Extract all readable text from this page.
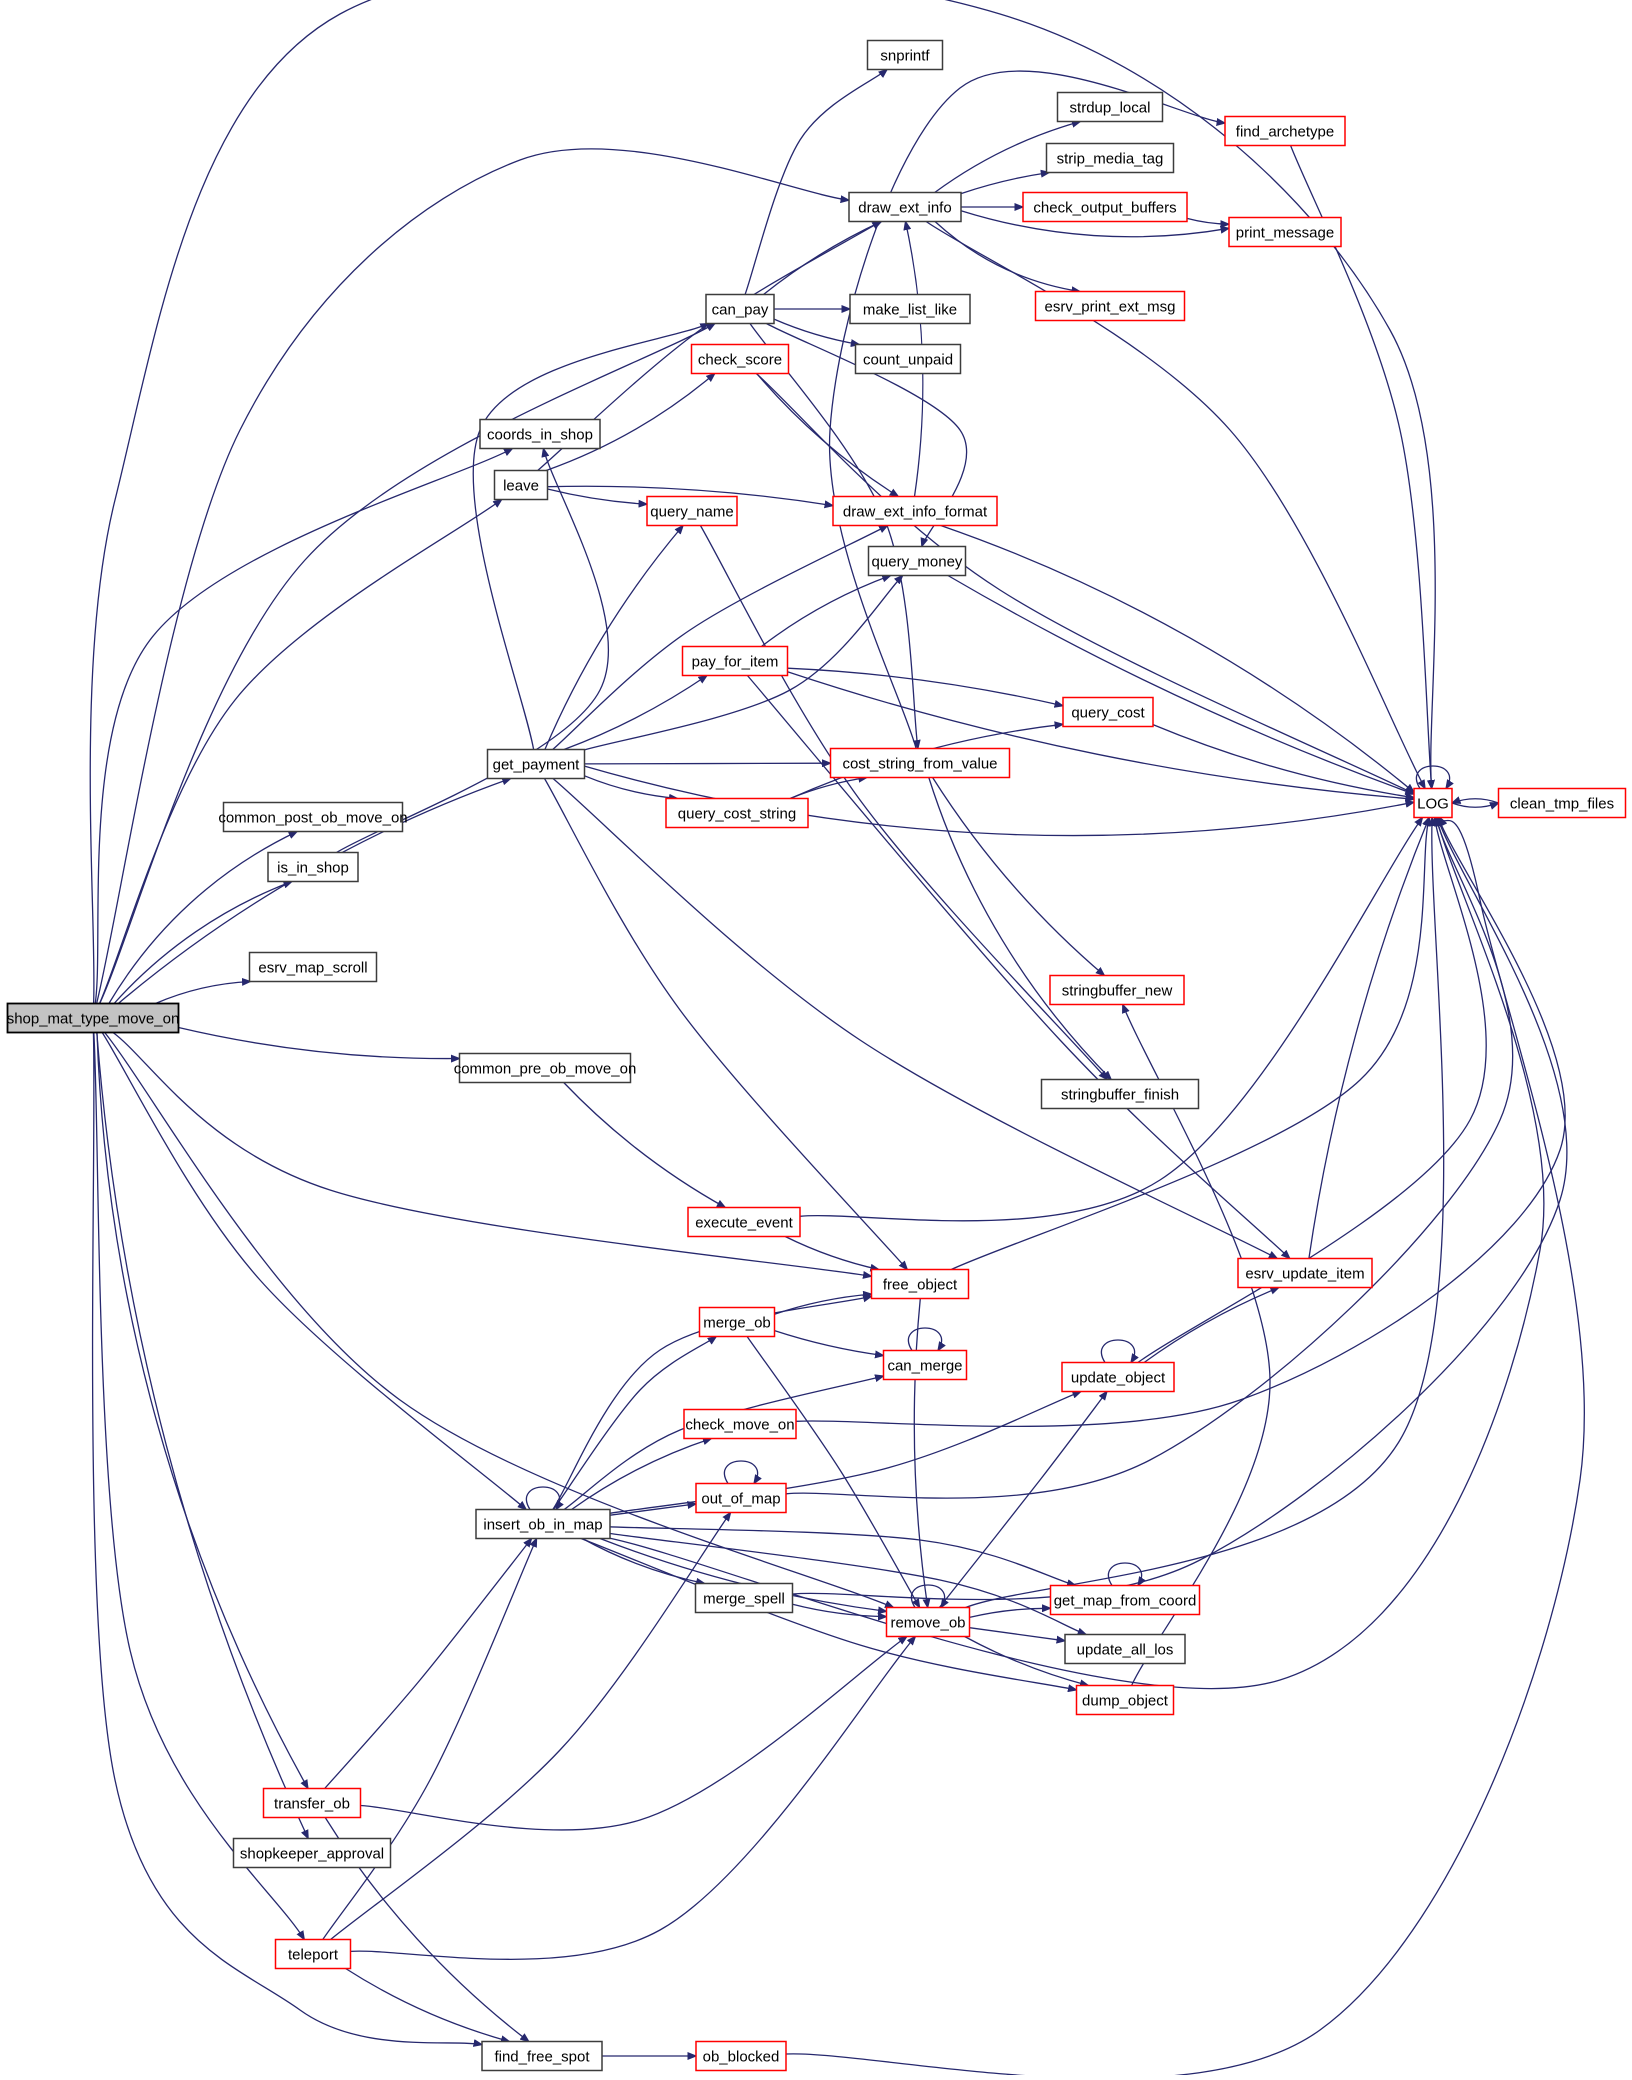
shop_mat_type_move_on
common_post_ob_move_on
is_in_shop
esrv_map_scroll
transfer_ob
shopkeeper_approval
teleport
coords_in_shop
leave
get_payment
common_pre_ob_move_on
insert_ob_in_map
find_free_spot
query_name
pay_for_item
query_cost_string
can_pay
check_score
execute_event
merge_ob
check_move_on
out_of_map
merge_spell
ob_blocked
snprintf
draw_ext_info
make_list_like
count_unpaid
draw_ext_info_format
query_money
cost_string_from_value
free_object
can_merge
remove_ob
strdup_local
strip_media_tag
check_output_buffers
esrv_print_ext_msg
query_cost
stringbuffer_new
stringbuffer_finish
update_object
get_map_from_coord
update_all_los
dump_object
find_archetype
print_message
esrv_update_item
LOG	clean_tmp_files
